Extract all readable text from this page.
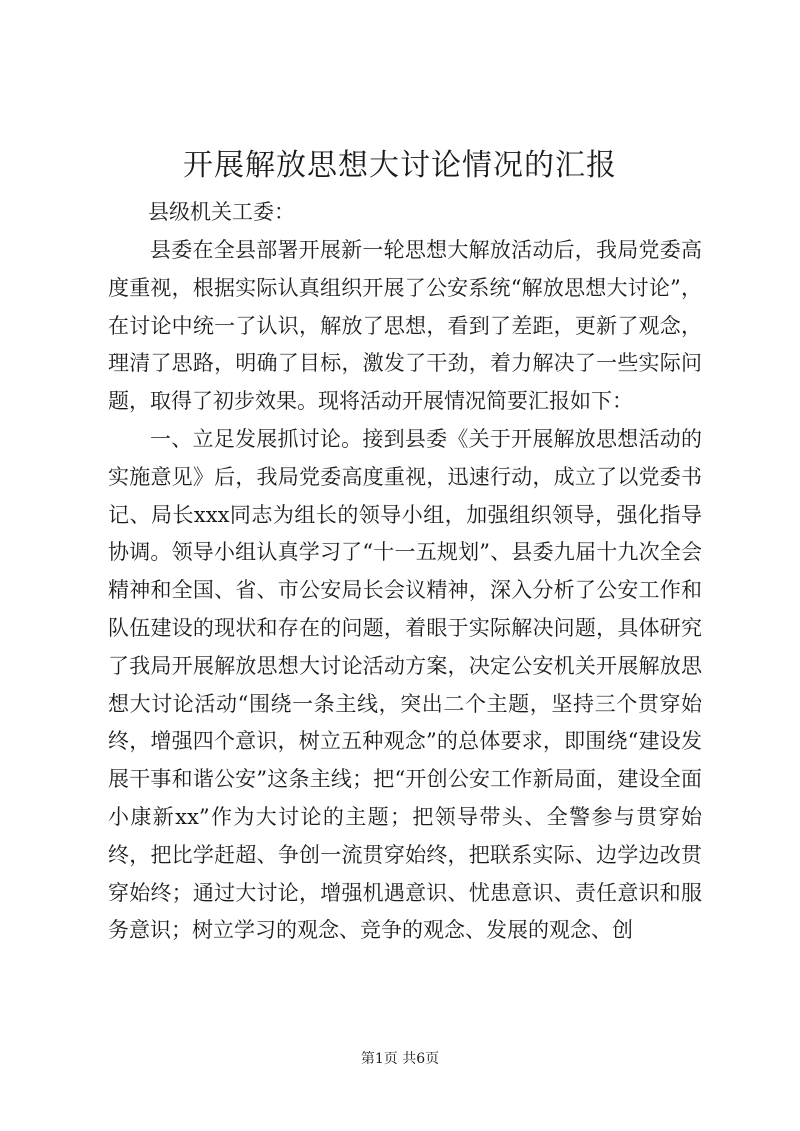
开展解放思想大讨论情况的汇报

县级机关工委：

县委在全县部署开展新一轮思想大解放活动后，我局党委高度重视，根据实际认真组织开展了公安系统“解放思想大讨论”，在讨论中统一了认识，解放了思想，看到了差距，更新了观念，理清了思路，明确了目标，激发了干劲，着力解决了一些实际问题，取得了初步效果。现将活动开展情况简要汇报如下：

一、立足发展抓讨论。接到县委《关于开展解放思想活动的实施意见》后，我局党委高度重视，迅速行动，成立了以党委书记、局长xxx同志为组长的领导小组，加强组织领导，强化指导协调。领导小组认真学习了“十一五规划”、县委九届十九次全会精神和全国、省、市公安局长会议精神，深入分析了公安工作和队伍建设的现状和存在的问题，着眼于实际解决问题，具体研究了我局开展解放思想大讨论活动方案，决定公安机关开展解放思想大讨论活动“围绕一条主线，突出二个主题，坚持三个贯穿始终，增强四个意识，树立五种观念”的总体要求，即围绕“建设发展干事和谐公安”这条主线；把“开创公安工作新局面，建设全面小康新xx”作为大讨论的主题；把领导带头、全警参与贯穿始终，把比学赶超、争创一流贯穿始终，把联系实际、边学边改贯穿始终；通过大讨论，增强机遇意识、忧患意识、责任意识和服务意识；树立学习的观念、竞争的观念、发展的观念、创

第1页 共6页
